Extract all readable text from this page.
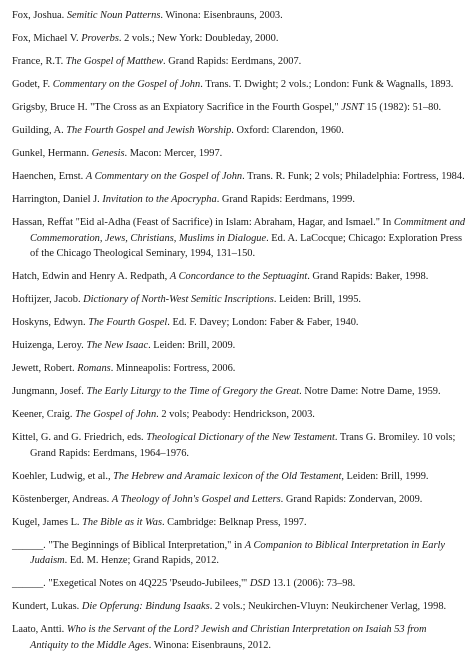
Fox, Joshua. Semitic Noun Patterns. Winona: Eisenbrauns, 2003.

Fox, Michael V. Proverbs. 2 vols.; New York: Doubleday, 2000.

France, R.T. The Gospel of Matthew. Grand Rapids: Eerdmans, 2007.

Godet, F. Commentary on the Gospel of John. Trans. T. Dwight; 2 vols.; London: Funk & Wagnalls, 1893.

Grigsby, Bruce H. "The Cross as an Expiatory Sacrifice in the Fourth Gospel," JSNT 15 (1982): 51–80.

Guilding, A. The Fourth Gospel and Jewish Worship. Oxford: Clarendon, 1960.

Gunkel, Hermann. Genesis. Macon: Mercer, 1997.

Haenchen, Ernst. A Commentary on the Gospel of John. Trans. R. Funk; 2 vols; Philadelphia: Fortress, 1984.

Harrington, Daniel J. Invitation to the Apocrypha. Grand Rapids: Eerdmans, 1999.

Hassan, Reffat "Eid al-Adha (Feast of Sacrifice) in Islam: Abraham, Hagar, and Ismael." In Commitment and Commemoration, Jews, Christians, Muslims in Dialogue. Ed. A. LaCocque; Chicago: Exploration Press of the Chicago Theological Seminary, 1994, 131–150.

Hatch, Edwin and Henry A. Redpath, A Concordance to the Septuagint. Grand Rapids: Baker, 1998.

Hoftijzer, Jacob. Dictionary of North-West Semitic Inscriptions. Leiden: Brill, 1995.

Hoskyns, Edwyn. The Fourth Gospel. Ed. F. Davey; London: Faber & Faber, 1940.

Huizenga, Leroy. The New Isaac. Leiden: Brill, 2009.

Jewett, Robert. Romans. Minneapolis: Fortress, 2006.

Jungmann, Josef. The Early Liturgy to the Time of Gregory the Great. Notre Dame: Notre Dame, 1959.

Keener, Craig. The Gospel of John. 2 vols; Peabody: Hendrickson, 2003.

Kittel, G. and G. Friedrich, eds. Theological Dictionary of the New Testament. Trans G. Bromiley. 10 vols; Grand Rapids: Eerdmans, 1964–1976.

Koehler, Ludwig, et al., The Hebrew and Aramaic lexicon of the Old Testament, Leiden: Brill, 1999.

Köstenberger, Andreas. A Theology of John's Gospel and Letters. Grand Rapids: Zondervan, 2009.

Kugel, James L. The Bible as it Was. Cambridge: Belknap Press, 1997.

______. "The Beginnings of Biblical Interpretation," in A Companion to Biblical Interpretation in Early Judaism. Ed. M. Henze; Grand Rapids, 2012.

______. "Exegetical Notes on 4Q225 'Pseudo-Jubilees,'" DSD 13.1 (2006): 73–98.

Kundert, Lukas. Die Opferung: Bindung Isaaks. 2 vols.; Neukirchen-Vluyn: Neukirchener Verlag, 1998.

Laato, Antti. Who is the Servant of the Lord? Jewish and Christian Interpretation on Isaiah 53 from Antiquity to the Middle Ages. Winona: Eisenbrauns, 2012.
